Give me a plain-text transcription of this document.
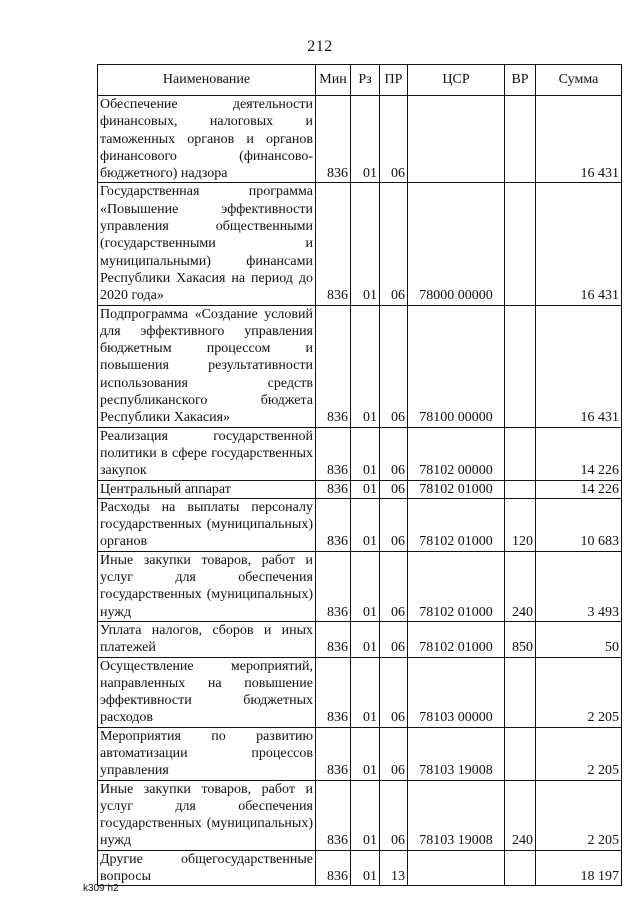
212
Наименование	Мин	Рз	ПР	ЦСР	ВР	Сумма
Обеспечение деятельности финансовых, налоговых и таможенных органов и органов финансового (финансово-бюджетного) надзора	836	01	06			16 431
Государственная программа «Повышение эффективности управления общественными (государственными и муниципальными) финансами Республики Хакасия на период до 2020 года»	836	01	06	78000 00000		16 431
Подпрограмма «Создание условий для эффективного управления бюджетным процессом и повышения результативности использования средств республиканского бюджета Республики Хакасия»	836	01	06	78100 00000		16 431
Реализация государственной политики в сфере государственных закупок	836	01	06	78102 00000		14 226
Центральный аппарат	836	01	06	78102 01000		14 226
Расходы на выплаты персоналу государственных (муниципальных) органов	836	01	06	78102 01000	120	10 683
Иные закупки товаров, работ и услуг для обеспечения государственных (муниципальных) нужд	836	01	06	78102 01000	240	3 493
Уплата налогов, сборов и иных платежей	836	01	06	78102 01000	850	50
Осуществление мероприятий, направленных на повышение эффективности бюджетных расходов	836	01	06	78103 00000		2 205
Мероприятия по развитию автоматизации процессов управления	836	01	06	78103 19008		2 205
Иные закупки товаров, работ и услуг для обеспечения государственных (муниципальных) нужд	836	01	06	78103 19008	240	2 205
Другие общегосударственные вопросы	836	01	13			18 197
k309 h2
